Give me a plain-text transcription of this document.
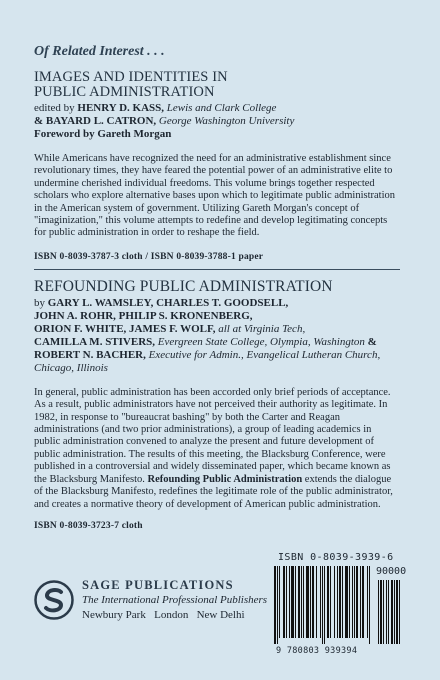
Of Related Interest . . .
IMAGES AND IDENTITIES IN
PUBLIC ADMINISTRATION
edited by HENRY D. KASS, Lewis and Clark College
& BAYARD L. CATRON, George Washington University
Foreword by Gareth Morgan
While Americans have recognized the need for an administrative establishment since revolutionary times, they have feared the potential power of an administrative elite to undermine cherished individual freedoms. This volume brings together respected scholars who explore alternative bases upon which to legitimate public administration in the American system of government. Utilizing Gareth Morgan's concept of "imaginization," this volume attempts to redefine and develop legitimating concepts for public administration in order to reshape the field.
ISBN 0-8039-3787-3 cloth / ISBN 0-8039-3788-1 paper
REFOUNDING PUBLIC ADMINISTRATION
by GARY L. WAMSLEY, CHARLES T. GOODSELL,
JOHN A. ROHR, PHILIP S. KRONENBERG,
ORION F. WHITE, JAMES F. WOLF, all at Virginia Tech,
CAMILLA M. STIVERS, Evergreen State College, Olympia, Washington & ROBERT N. BACHER, Executive for Admin., Evangelical Lutheran Church, Chicago, Illinois
In general, public administration has been accorded only brief periods of acceptance. As a result, public administrators have not perceived their authority as legitimate. In 1982, in response to "bureaucrat bashing" by both the Carter and Reagan administrations (and two prior administrations), a group of leading academics in public administration convened to analyze the present and future development of public administration. The results of this meeting, the Blacksburg Conference, were published in a controversial and widely disseminated paper, which became known as the Blacksburg Manifesto. Refounding Public Administration extends the dialogue of the Blacksburg Manifesto, redefines the legitimate role of the public administrator, and creates a normative theory of development of American public administration.
ISBN 0-8039-3723-7 cloth
SAGE PUBLICATIONS
The International Professional Publishers
Newbury Park   London   New Delhi
ISBN 0-8039-3939-6
90000
9 780803 939394
